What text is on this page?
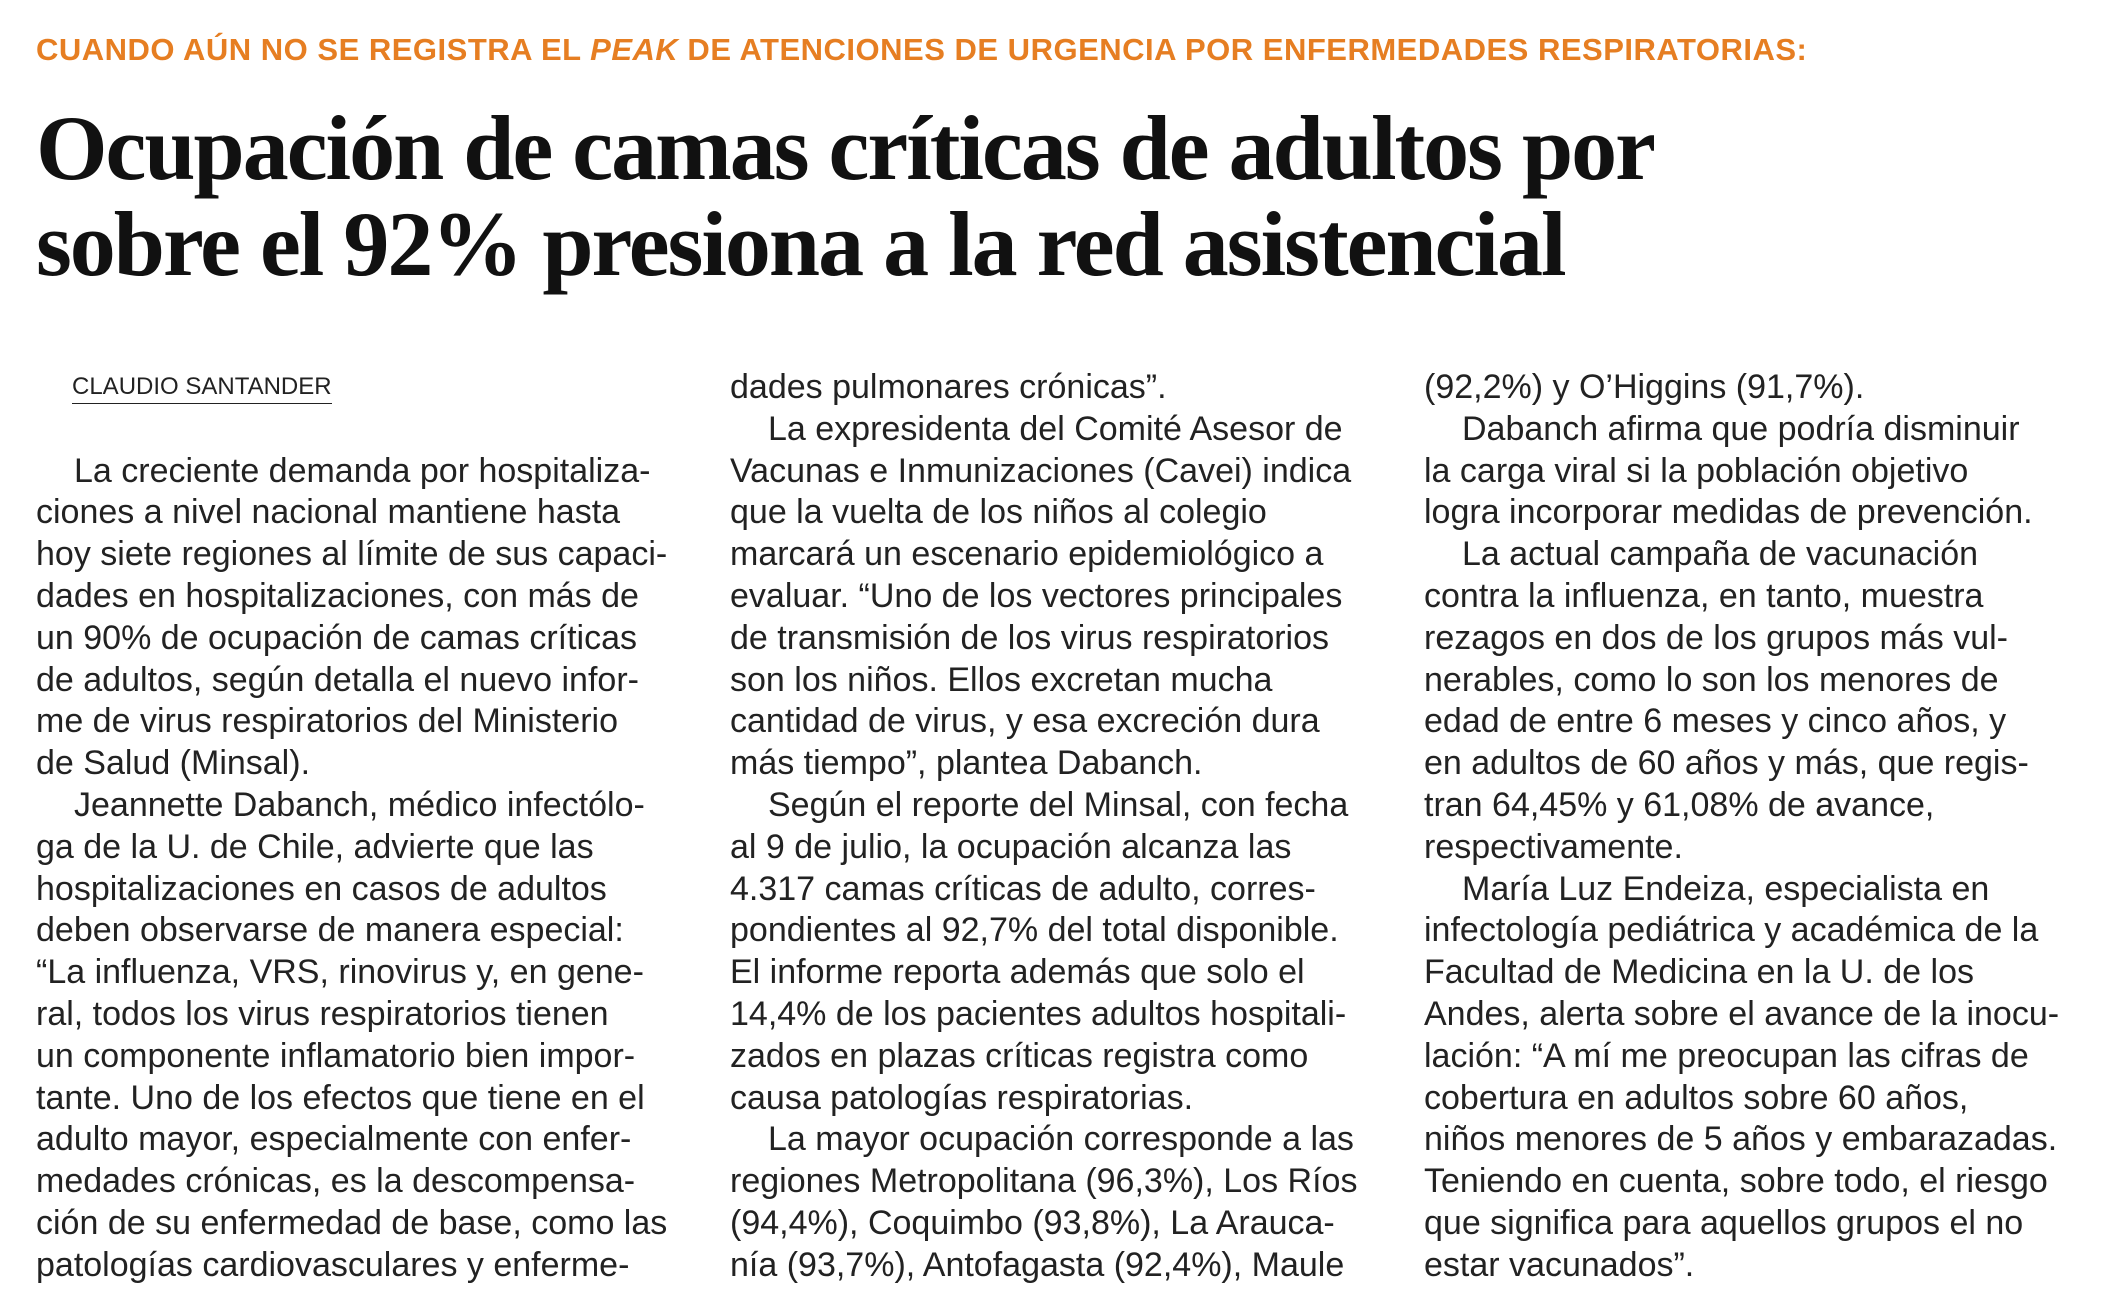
CUANDO AÚN NO SE REGISTRA EL PEAK DE ATENCIONES DE URGENCIA POR ENFERMEDADES RESPIRATORIAS:
Ocupación de camas críticas de adultos por
sobre el 92% presiona a la red asistencial
CLAUDIO SANTANDER
La creciente demanda por hospitaliza-
ciones a nivel nacional mantiene hasta
hoy siete regiones al límite de sus capaci-
dades en hospitalizaciones, con más de
un 90% de ocupación de camas críticas
de adultos, según detalla el nuevo infor-
me de virus respiratorios del Ministerio
de Salud (Minsal).
Jeannette Dabanch, médico infectólo-
ga de la U. de Chile, advierte que las
hospitalizaciones en casos de adultos
deben observarse de manera especial:
“La influenza, VRS, rinovirus y, en gene-
ral, todos los virus respiratorios tienen
un componente inflamatorio bien impor-
tante. Uno de los efectos que tiene en el
adulto mayor, especialmente con enfer-
medades crónicas, es la descompensa-
ción de su enfermedad de base, como las
patologías cardiovasculares y enferme-
dades pulmonares crónicas”.
La expresidenta del Comité Asesor de
Vacunas e Inmunizaciones (Cavei) indica
que la vuelta de los niños al colegio
marcará un escenario epidemiológico a
evaluar. “Uno de los vectores principales
de transmisión de los virus respiratorios
son los niños. Ellos excretan mucha
cantidad de virus, y esa excreción dura
más tiempo”, plantea Dabanch.
Según el reporte del Minsal, con fecha
al 9 de julio, la ocupación alcanza las
4.317 camas críticas de adulto, corres-
pondientes al 92,7% del total disponible.
El informe reporta además que solo el
14,4% de los pacientes adultos hospitali-
zados en plazas críticas registra como
causa patologías respiratorias.
La mayor ocupación corresponde a las
regiones Metropolitana (96,3%), Los Ríos
(94,4%), Coquimbo (93,8%), La Arauca-
nía (93,7%), Antofagasta (92,4%), Maule
(92,2%) y O’Higgins (91,7%).
Dabanch afirma que podría disminuir
la carga viral si la población objetivo
logra incorporar medidas de prevención.
La actual campaña de vacunación
contra la influenza, en tanto, muestra
rezagos en dos de los grupos más vul-
nerables, como lo son los menores de
edad de entre 6 meses y cinco años, y
en adultos de 60 años y más, que regis-
tran 64,45% y 61,08% de avance,
respectivamente.
María Luz Endeiza, especialista en
infectología pediátrica y académica de la
Facultad de Medicina en la U. de los
Andes, alerta sobre el avance de la inocu-
lación: “A mí me preocupan las cifras de
cobertura en adultos sobre 60 años,
niños menores de 5 años y embarazadas.
Teniendo en cuenta, sobre todo, el riesgo
que significa para aquellos grupos el no
estar vacunados”.
